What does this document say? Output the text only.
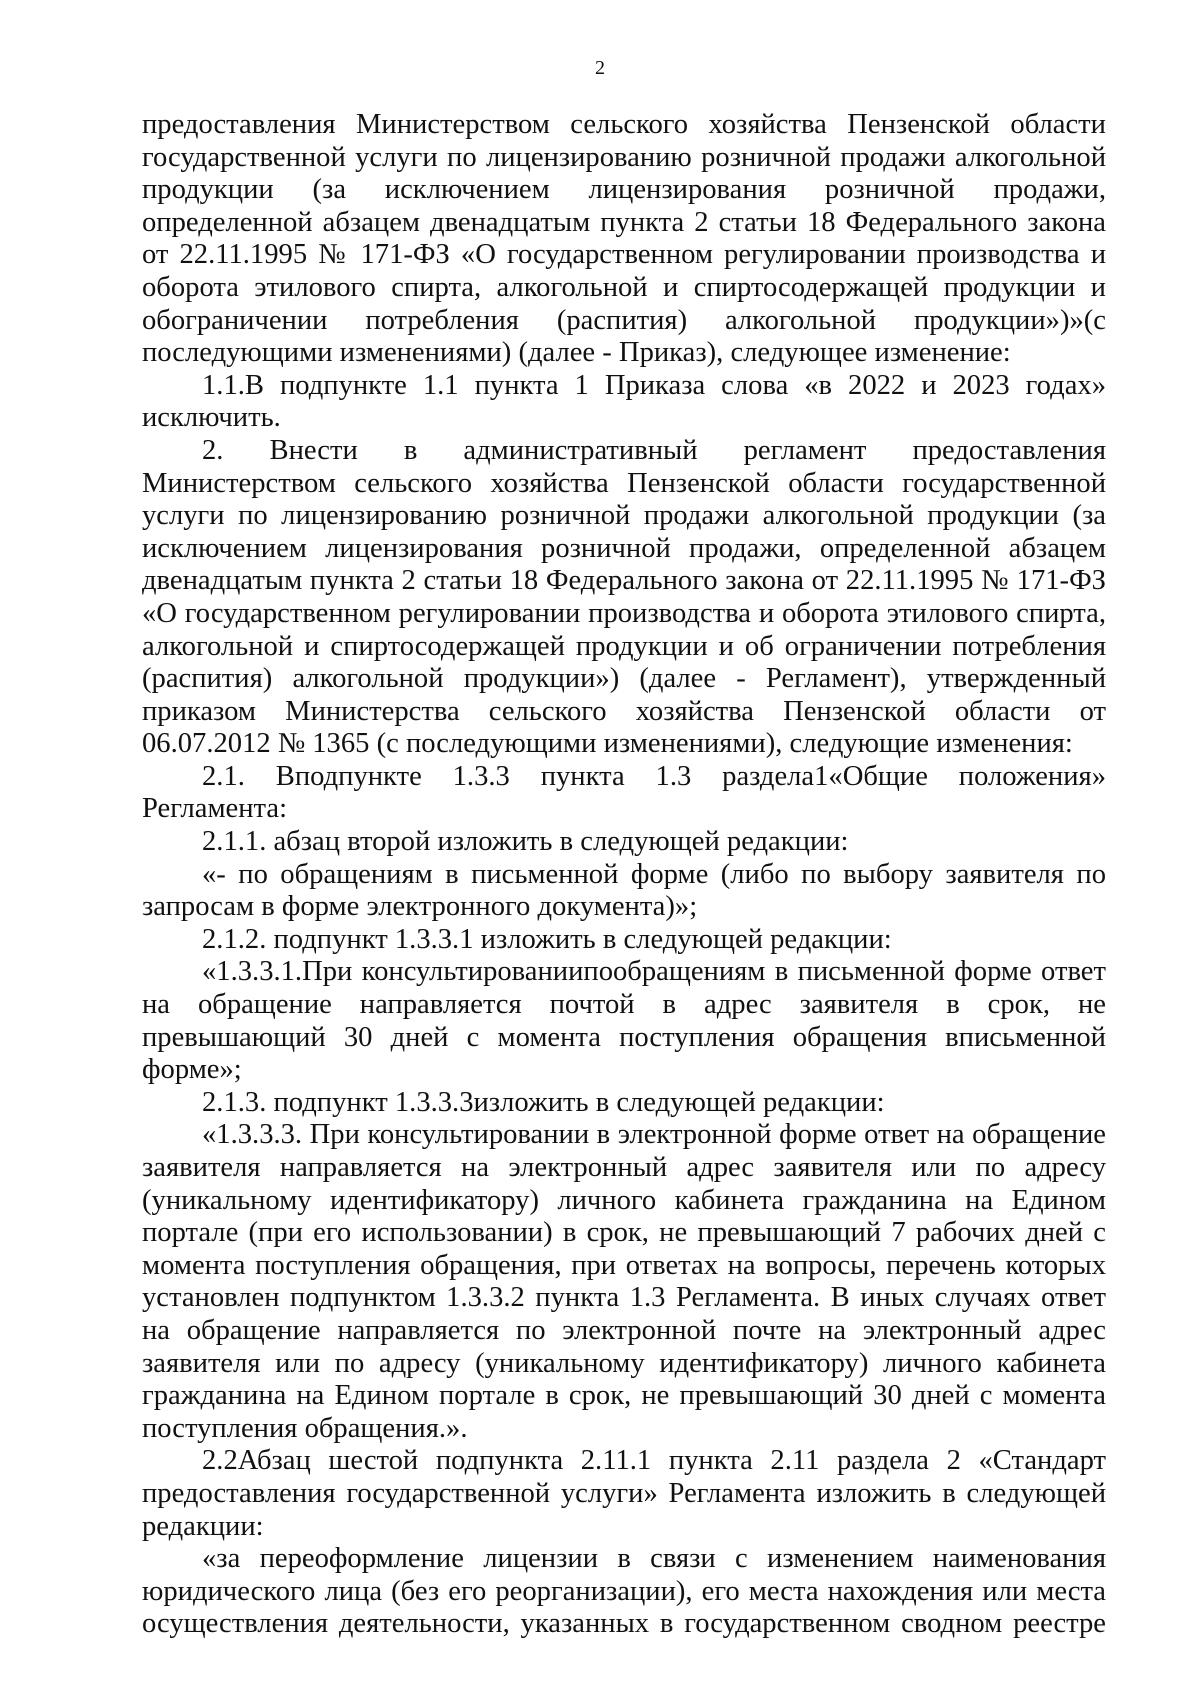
2

предоставления Министерством сельского хозяйства Пензенской области государственной услуги по лицензированию розничной продажи алкогольной продукции (за исключением лицензирования розничной продажи, определенной абзацем двенадцатым пункта 2 статьи 18 Федерального закона от 22.11.1995 № 171-ФЗ «О государственном регулировании производства и оборота этилового спирта, алкогольной и спиртосодержащей продукции и обограничении потребления (распития) алкогольной продукции»)»(с последующими изменениями) (далее - Приказ), следующее изменение:

1.1.В подпункте 1.1 пункта 1 Приказа слова «в 2022 и 2023 годах» исключить.

2. Внести в административный регламент предоставления Министерством сельского хозяйства Пензенской области государственной услуги по лицензированию розничной продажи алкогольной продукции (за исключением лицензирования розничной продажи, определенной абзацем двенадцатым пункта 2 статьи 18 Федерального закона от 22.11.1995 № 171-ФЗ «О государственном регулировании производства и оборота этилового спирта, алкогольной и спиртосодержащей продукции и об ограничении потребления (распития) алкогольной продукции») (далее - Регламент), утвержденный приказом Министерства сельского хозяйства Пензенской области от 06.07.2012 № 1365 (с последующими изменениями), следующие изменения:

2.1. Вподпункте 1.3.3 пункта 1.3 раздела1«Общие положения» Регламента:

2.1.1. абзац второй изложить в следующей редакции:

«- по обращениям в письменной форме (либо по выбору заявителя по запросам в форме электронного документа)»;

2.1.2. подпункт 1.3.3.1 изложить в следующей редакции:

«1.3.3.1.При консультированиипообращениям в письменной форме ответ на обращение направляется почтой в адрес заявителя в срок, не превышающий 30 дней с момента поступления обращения вписьменной форме»;

2.1.3. подпункт 1.3.3.3изложить в следующей редакции:

«1.3.3.3. При консультировании в электронной форме ответ на обращение заявителя направляется на электронный адрес заявителя или по адресу (уникальному идентификатору) личного кабинета гражданина на Едином портале (при его использовании) в срок, не превышающий 7 рабочих дней с момента поступления обращения, при ответах на вопросы, перечень которых установлен подпунктом 1.3.3.2 пункта 1.3 Регламента. В иных случаях ответ на обращение направляется по электронной почте на электронный адрес заявителя или по адресу (уникальному идентификатору) личного кабинета гражданина на Едином портале в срок, не превышающий 30 дней с момента поступления обращения.».

2.2Абзац шестой подпункта 2.11.1 пункта 2.11 раздела 2 «Стандарт предоставления государственной услуги» Регламента изложить в следующей редакции:

«за переоформление лицензии в связи с изменением наименования юридического лица (без его реорганизации), его места нахождения или места осуществления деятельности, указанных в государственном сводном реестре
